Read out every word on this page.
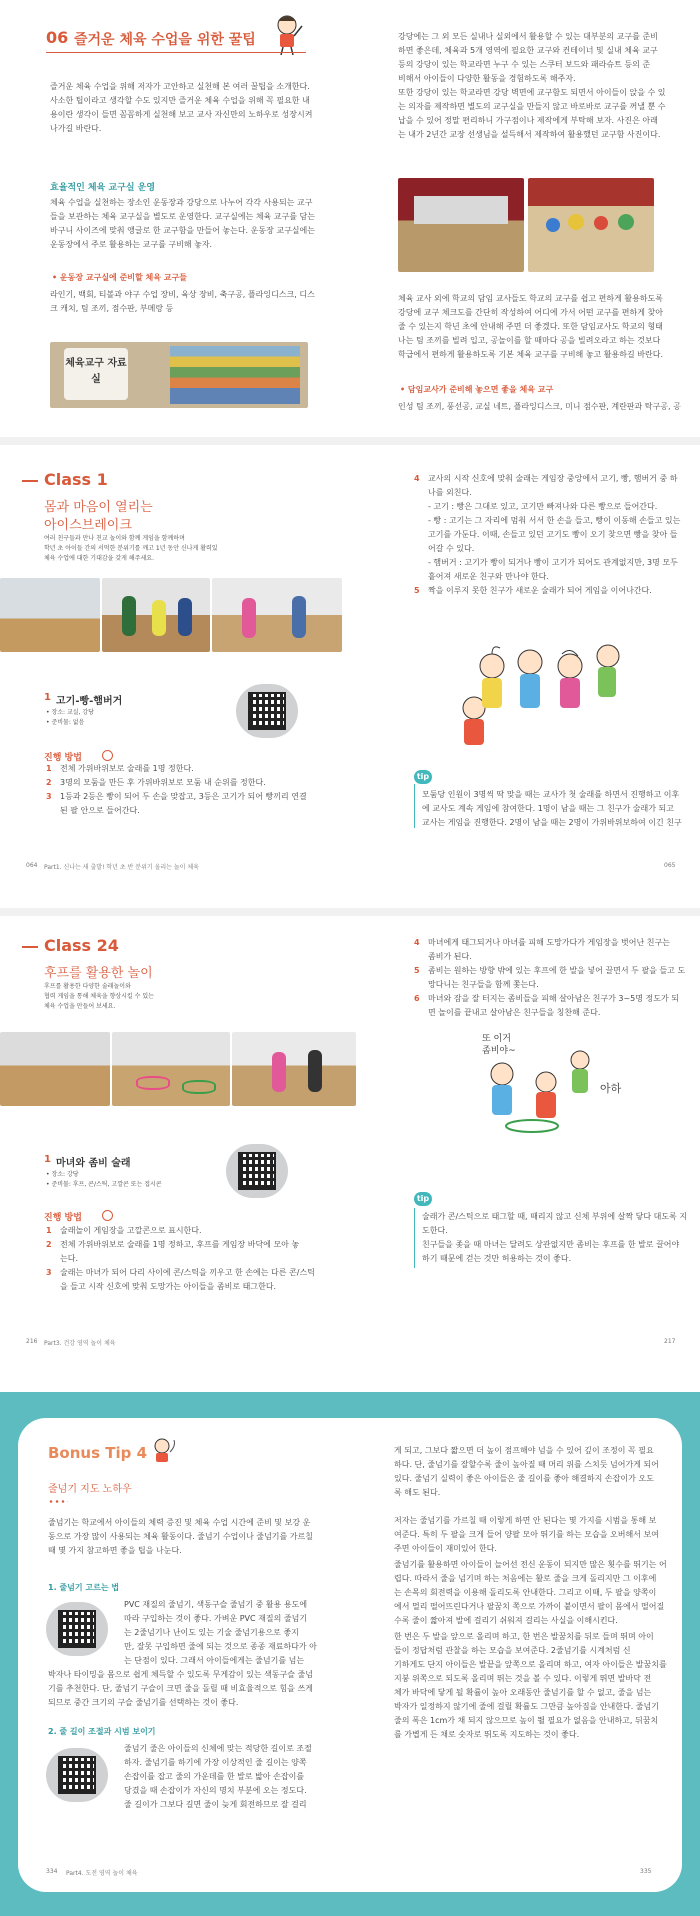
06 즐거운 체육 수업을 위한 꿀팁
즐거운 체육 수업을 위해 저자가 고안하고 실천해 본 여러 꿀팁을 소개한다.
사소한 팁이라고 생각할 수도 있지만 즐거운 체육 수업을 위해 꼭 필요한 내
용이란 생각이 들면 꼼꼼하게 실천해 보고 교사 자신만의 노하우로 성장시켜
나가길 바란다.
효율적인 체육 교구실 운영
체육 수업을 실천하는 장소인 운동장과 강당으로 나누어 각각 사용되는 교구
들을 보관하는 체육 교구실을 별도로 운영한다. 교구실에는 체육 교구를 담는
바구니 사이즈에 맞춰 앵글로 한 교구함을 만들어 놓는다. 운동장 교구실에는
운동장에서 주로 활용하는 교구를 구비해 놓자.
• 운동장 교구실에 준비할 체육 교구들
라인기, 백회, 티볼과 야구 수업 장비, 육상 장비, 축구공, 플라잉디스크, 디스
크 캐치, 팀 조끼, 점수판, 부메랑 등
체육교구 자료실
강당에는 그 외 모든 실내나 실외에서 활용할 수 있는 대부분의 교구를 준비
하면 좋은데, 체육과 5개 영역에 필요한 교구와 컨테이너 및 실내 체육 교구
등의 강당이 있는 학교라면 누구 수 있는 스쿠터 보드와 패라슈트 등의 준
비해서 아이들이 다양한 활동을 경험하도록 해주자.
또한 강당이 있는 학교라면 강당 벽면에 교구함도 되면서 아이들이 앉을 수 있
는 의자를 제작하면 별도의 교구실을 만들지 않고 바로바로 교구를 꺼낼 뿐 수
납을 수 있어 정말 편리하니 가구점이나 제작에게 부탁해 보자. 사진은 아래
는 내가 2년간 교장 선생님을 설득해서 제작하여 활용했던 교구함 사진이다.
체육 교사 외에 학교의 담임 교사들도 학교의 교구를 쉽고 편하게 활용하도록
강당에 교구 체크도를 간단히 작성하여 어디에 가서 어떤 교구를 편하게 찾아
줄 수 있는지 학년 초에 안내해 주면 더 좋겠다. 또한 담임교사도 학교의 형태
나는 팀 조끼를 빌려 입고, 공놀이를 할 때마다 공을 빌려오라고 하는 것보다
학급에서 편하게 활용하도록 기본 체육 교구를 구비해 놓고 활용하길 바란다.
• 담임교사가 준비해 놓으면 좋을 체육 교구
인성 팀 조끼, 풍선공, 교실 네트, 플라잉디스크, 미니 점수판, 계란판과 탁구공, 공
Class 1
몸과 마음이 열리는
아이스브레이크
여러 친구들과 만나 친교 놀이와 함께 게임을 함께하며
학년 초 아이들 간의 서먹한 분위기를 깨고 1년 동안 신나게 활력있
체육 수업에 대한 기대감을 갖게 해주세요.
1 고기-빵-햄버거
• 장소: 교실, 강당
• 준비물: 없음
진행 방법
1 전체 가위바위보로 술래를 1명 정한다.
2 3명의 모둠을 만든 후 가위바위보로 모둠 내 순위를 정한다.
3 1등과 2등은 빵이 되어 두 손을 맞잡고, 3등은 고기가 되어 빵끼리 연결
된 팔 안으로 들어간다.
4 교사의 시작 신호에 맞춰 술래는 게임장 중앙에서 고기, 빵, 햄버거 중 하
나를 외친다.
- 고기 : 빵은 그대로 있고, 고기만 빠져나와 다른 빵으로 들어간다.
- 빵 : 고기는 그 자리에 멈춰 서서 한 손을 들고, 빵이 이동해 손들고 있는
고기를 가둔다. 이때, 손들고 있던 고기도 빵이 오기 찾으면 빵을 찾아 들
어갈 수 있다.
- 햄버거 : 고기가 빵이 되거나 빵이 고기가 되어도 관계없지만, 3명 모두
흩어져 새로운 친구와 만나야 한다.
5 짝을 이루지 못한 친구가 새로운 술래가 되어 게임을 이어나간다.
tip
모둠당 인원이 3명씩 딱 맞을 때는 교사가 첫 술래를 하면서 진행하고 이후
에 교사도 계속 게임에 참여한다. 1명이 남을 때는 그 친구가 술래가 되고
교사는 게임을 진행한다. 2명이 남을 때는 2명이 가위바위보하여 이긴 친구
064 Part1. 신나는 새 출발! 학년 초 반 분위기 올리는 놀이 체육	065
Class 24
후프를 활용한 놀이
후프를 활용한 다양한 술래놀이와
협력 게임을 통해 체육을 향상시킬 수 있는
체육 수업을 만들어 보세요.
1 마녀와 좀비 술래
• 장소: 강당
• 준비물: 후프, 콘/스틱, 고깔콘 또는 접시콘
진행 방법
1 술래놀이 게임장을 고깔콘으로 표시한다.
2 전체 가위바위보로 술래를 1명 정하고, 후프를 게임장 바닥에 모아 놓
는다.
3 술래는 마녀가 되어 다리 사이에 콘/스틱을 끼우고 한 손에는 다른 콘/스틱
을 들고 시작 신호에 맞춰 도망가는 아이들을 좀비로 태그한다.
4 마녀에게 태그되거나 마녀를 피해 도망가다가 게임장을 벗어난 친구는
좀비가 된다.
5 좀비는 원하는 방향 밖에 있는 후프에 한 발을 넣어 끌면서 두 팔을 들고 도
망다니는 친구들을 함께 쫓는다.
6 마녀와 잠을 잘 터지는 좀비들을 피해 살아남은 친구가 3~5명 정도가 되
면 놀이를 끝내고 살아남은 친구들을 칭찬해 준다.
또 이거
좀비야~
아하
tip
술래가 콘/스틱으로 태그할 때, 때리지 않고 신체 부위에 살짝 닿다 대도록 지
도한다.
친구들을 좇을 때 마녀는 달려도 상관없지만 좀비는 후프를 한 발로 끌어야
하기 때문에 걷는 것만 허용하는 것이 좋다.
216 Part3. 건강 영역 놀이 체육	217
Bonus Tip 4
줄넘기 지도 노하우
줄넘기는 학교에서 아이들의 체력 증진 및 체육 수업 시간에 준비 및 보강 운
동으로 가장 많이 사용되는 체육 활동이다. 줄넘기 수업이나 줄넘기를 가르칠
때 몇 가지 참고하면 좋을 팁을 나눈다.
1. 줄넘기 고르는 법
PVC 재질의 줄넘기, 색동구슬 줄넘기 중 활용 용도에
따라 구입하는 것이 좋다. 가벼운 PVC 재질의 줄넘기
는 2줄넘기나 난이도 있는 기술 줄넘기용으로 좋지
만, 잘못 구입하면 줄에 되는 것으로 종종 재료하다가 아
는 단점이 있다. 그래서 아이들에게는 줄넘기를 넘는
박자나 타이밍을 몸으로 쉽게 체득할 수 있도록 무게감이 있는 색동구슬 줄넘
기를 추천한다. 단, 줄넘기 구슬이 크면 줄을 돌릴 때 비효율적으로 힘을 쓰게
되므로 중간 크기의 구슬 줄넘기를 선택하는 것이 좋다.
2. 줄 길이 조절과 시범 보이기
줄넘기 줄은 아이들의 신체에 맞는 적당한 길이로 조절
하자. 줄넘기를 하기에 가장 이상적인 줄 길이는 양쪽
손잡이를 잡고 줄의 가운데를 한 발로 밟아 손잡이를
당겼을 때 손잡이가 자신의 명치 부분에 오는 정도다.
줄 길이가 그보다 길면 줄이 늦게 회전하므로 잘 걸리
게 되고, 그보다 짧으면 더 높이 점프해야 넘을 수 있어 깊이 조정이 꼭 필요
하다. 단, 줄넘기를 잘할수록 줄이 높아질 때 머리 위를 스치듯 넘어가게 되어
있다. 줄넘기 실력이 좋은 아이들은 줄 길이를 좋아 해결하지 손잡이가 오도
록 해도 된다.
저자는 줄넘기를 가르칠 때 이렇게 하면 안 된다는 몇 가지를 시범을 통해 보
여준다. 특히 두 팔을 크게 들어 양팔 모아 뛰기를 하는 모습을 오버해서 보여
주면 아이들이 재미있어 한다.
줄넘기를 활용하면 아이들이 늘어선 전신 운동이 되지만 많은 횟수를 뛰기는 어
렵다. 따라서 줄을 넘기며 하는 처음에는 활로 줄을 크게 돌리지만 그 이후에
는 손목의 회전력을 이용해 돌리도록 안내한다. 그리고 이때, 두 팔을 양쪽이
에서 멀리 떨어뜨린다거나 팔꿈치 쪽으로 가까이 붙이면서 팔이 몸에서 떨어질
수록 줄이 짧아져 발에 걸리기 쉬워져 걸리는 사실을 이해시킨다.
한 번은 두 발을 앞으로 올리며 하고, 한 번은 발꿈치를 뒤로 들며 뛰며 아이
들이 정답처럼 관찰을 하는 모습을 보여준다. 2줄넘기를 시계처럼 신
기하게도 단지 아이들은 발끝을 앞쪽으로 올리며 하고, 여자 아이들은 발꿈치를
지붕 위쪽으로 되도록 올리며 뛰는 것을 볼 수 있다. 이렇게 뛰면 발바닥 전
체가 바닥에 닿게 될 확률이 높아 오래동안 줄넘기를 할 수 없고, 줄을 넘는
박자가 일정하지 않기에 줄에 걸릴 확률도 그만큼 높아짐을 안내한다. 줄넘기
줄의 폭은 1cm가 채 되지 않으므로 높이 뛸 필요가 없음을 안내하고, 뒤꿈치
를 가볍게 든 채로 숫자로 뛰도록 지도하는 것이 좋다.
334 Part4. 도전 영역 놀이 체육	335
